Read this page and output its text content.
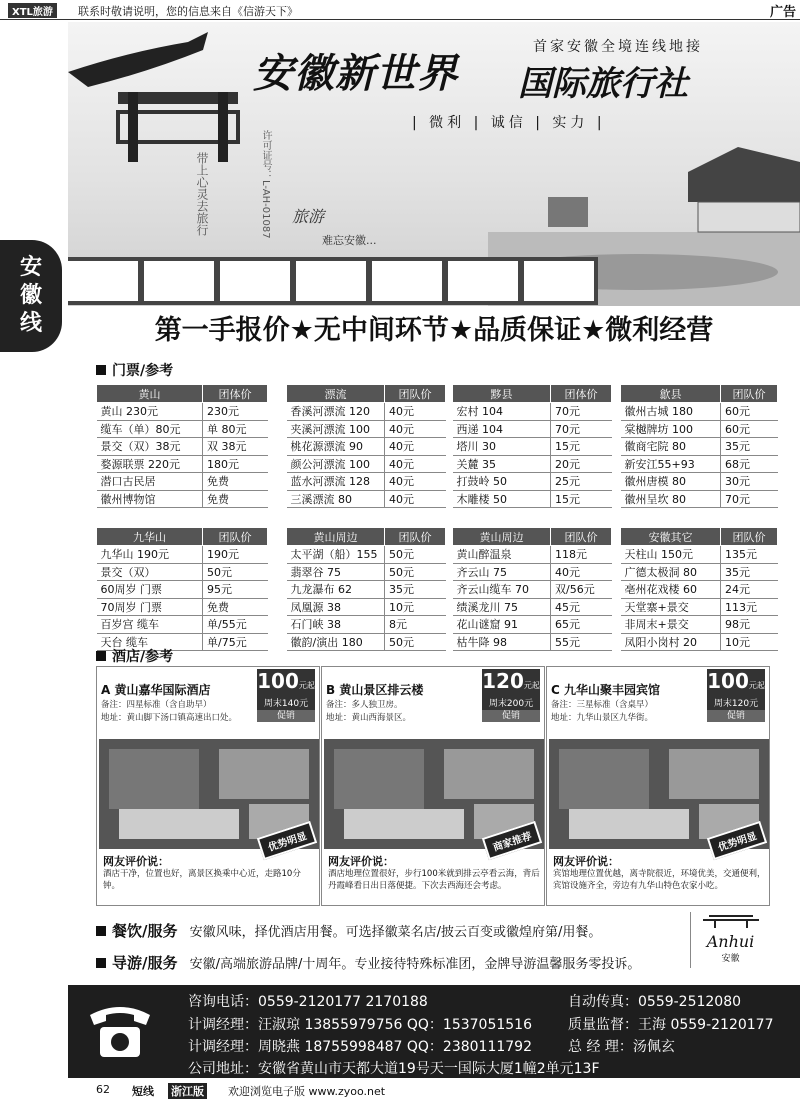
XTL旅游	联系时敬请说明，您的信息来自《信游天下》	广告
安
徽
线
首家安徽全境连线地接
安徽新世界 国际旅行社
| 微利 | 诚信 | 实力 |
许可证号：L-AH-01087
带上心灵去旅行	旅游
难忘安徽...
第一手报价★无中间环节★品质保证★微利经营
门票/参考
黄山	团体价
黄山 230元	230元
缆车（单）80元	单 80元
景交（双）38元	双 38元
婺源联票 220元	180元
潜口古民居	免费
徽州博物馆	免费
漂流	团队价
香溪河漂流 120	40元
夹溪河漂流 100	40元
桃花源漂流 90	40元
颜公河漂流 100	40元
蓝水河漂流 128	40元
三溪漂流 80	40元
黟县	团体价
宏村 104	70元
西递 104	70元
塔川 30	15元
关麓 35	20元
打鼓岭 50	25元
木雕楼 50	15元
歙县	团队价
徽州古城 180	60元
棠樾牌坊 100	60元
徽商宅院 80	35元
新安江55+93	68元
徽州唐模 80	30元
徽州呈坎 80	70元
九华山	团队价
九华山 190元	190元
景交（双）	50元
60周岁 门票	95元
70周岁 门票	免费
百岁宫 缆车	单/55元
天台 缆车	单/75元
黄山周边	团队价
太平湖（船）155	50元
翡翠谷 75	50元
九龙瀑布 62	35元
凤凰源 38	10元
石门峡 38	8元
徽韵/演出 180	50元
黄山周边	团队价
黄山醉温泉	118元
齐云山 75	40元
齐云山缆车 70	双/56元
绩溪龙川 75	45元
花山谜窟 91	65元
枯牛降 98	55元
安徽其它	团队价
天柱山 150元	135元
广德太极洞 80	35元
亳州花戏楼 60	24元
天堂寨+景交	113元
非周末+景交	98元
凤阳小岗村 20	10元
酒店/参考
A 黄山嘉华国际酒店
备注：四星标准（含自助早）
地址：黄山脚下汤口镇高速出口处。
100元起
周末140元
促销
优势明显
网友评价说：
酒店干净，位置也好，离景区换乘中心近，走路10分钟。
B 黄山景区排云楼
备注：多人独卫房。
地址：黄山西海景区。
120元起
周末200元
促销
商家推荐
网友评价说：
酒店地理位置很好，步行100米就到排云亭看云海，背后丹霞峰看日出日落便捷。下次去西海还会考虑。
C 九华山聚丰园宾馆
备注：三星标准（含桌早）
地址：九华山景区九华街。
100元起
周末120元
促销
优势明显
网友评价说：
宾馆地理位置优越，离寺院很近，环境优美，交通便利，宾馆设施齐全，旁边有九华山特色农家小吃。
餐饮/服务 安徽风味，择优酒店用餐。可选择徽菜名店/披云百变或徽煌府第/用餐。
导游/服务 安徽/高端旅游品牌/十周年。专业接待特殊标准团，金牌导游温馨服务零投诉。
Anhui
安徽
咨询电话：0559-2120177 2170188	自动传真：0559-2512080
计调经理：汪淑琼 13855979756 QQ：1537051516	质量监督：王海 0559-2120177
计调经理：周晓燕 18755998487 QQ：2380111792	总 经 理：汤佩玄
公司地址：安徽省黄山市天都大道19号天一国际大厦1幢2单元13F
62 短线 浙江版 欢迎浏览电子版 www.zyoo.net
